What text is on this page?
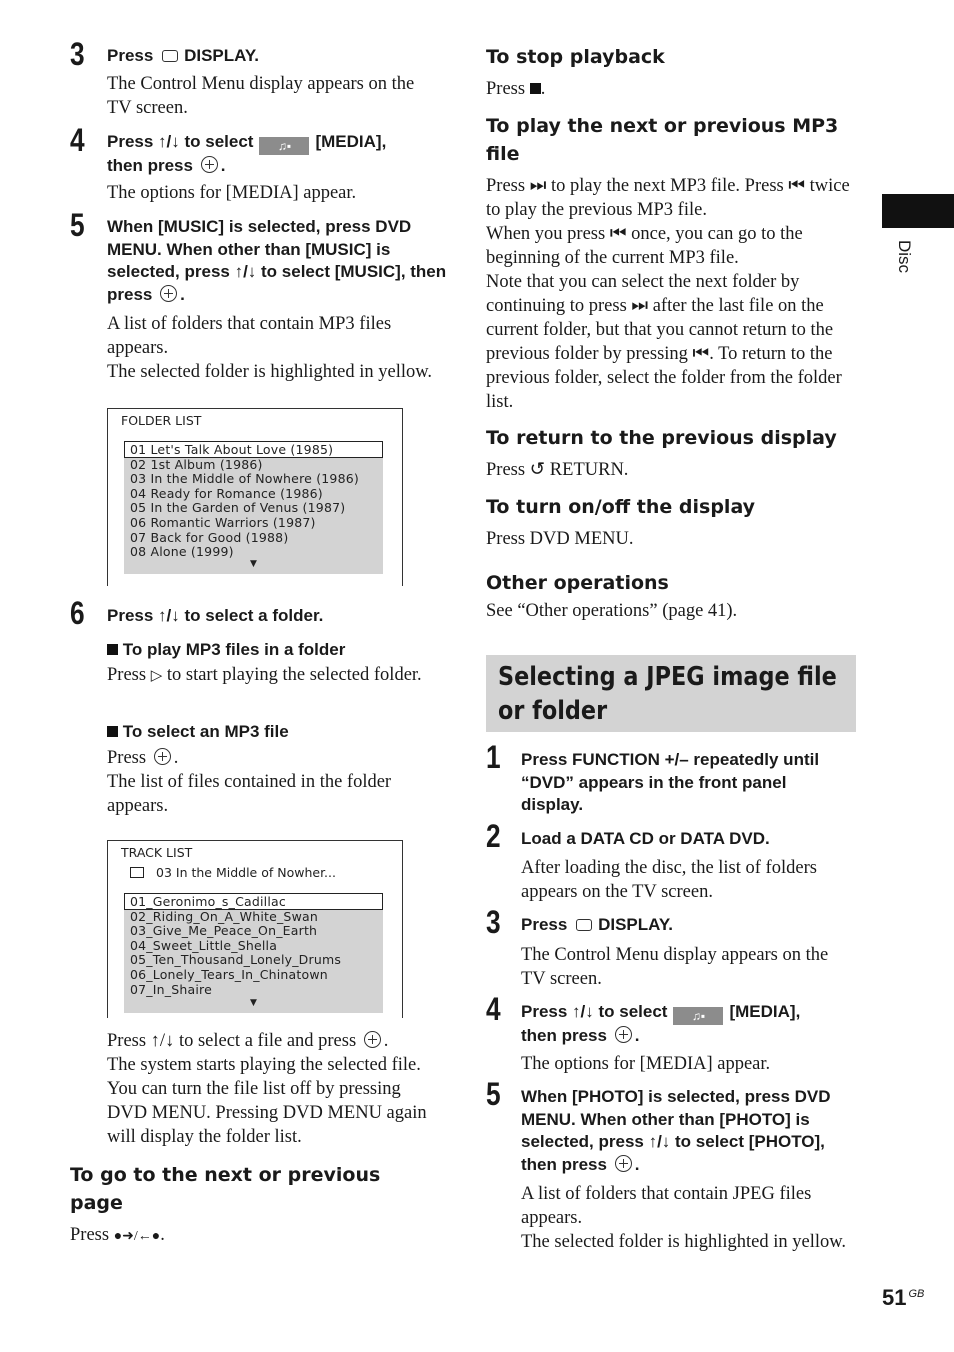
3 Press DISPLAY.
The Control Menu display appears on the TV screen.
4 Press ↑/↓ to select ♫▪ [MEDIA],
then press .
The options for [MEDIA] appear.
5 When [MUSIC] is selected, press DVD MENU. When other than [MUSIC] is selected, press ↑/↓ to select [MUSIC], then press .

A list of folders that contain MP3 files appears.

The selected folder is highlighted in yellow.

FOLDER LIST
01 Let's Talk About Love (1985)
02 1st Album (1986)
03 In the Middle of Nowhere (1986)
04 Ready for Romance (1986)
05 In the Garden of Venus (1987)
06 Romantic Warriors (1987)
07 Back for Good (1988)
08 Alone (1999)
▼
6 Press ↑/↓ to select a folder.
To play MP3 files in a folder
Press ▷ to start playing the selected folder.
To select an MP3 file

Press .

The list of files contained in the folder appears.

TRACK LIST
03 In the Middle of Nowher...
01_Geronimo_s_Cadillac
02_Riding_On_A_White_Swan
03_Give_Me_Peace_On_Earth
04_Sweet_Little_Shella
05_Ten_Thousand_Lonely_Drums
06_Lonely_Tears_In_Chinatown
07_In_Shaire
▼

Press ↑/↓ to select a file and press .

The system starts playing the selected file. You can turn the file list off by pressing DVD MENU. Pressing DVD MENU again will display the folder list.

To go to the next or previous page
Press ●➜/←●.
To stop playback
Press .
To play the next or previous MP3 file

Press ⏭ to play the next MP3 file. Press ⏮ twice to play the previous MP3 file.

When you press ⏮ once, you can go to the beginning of the current MP3 file.

Note that you can select the next folder by continuing to press ⏭ after the last file on the current folder, but that you cannot return to the previous folder by pressing ⏮. To return to the previous folder, select the folder from the folder list.

To return to the previous display
Press ↺ RETURN.
To turn on/off the display
Press DVD MENU.
Other operations
See “Other operations” (page 41).
Selecting a JPEG image file or folder
1 Press FUNCTION +/– repeatedly until “DVD” appears in the front panel display.
2 Load a DATA CD or DATA DVD.
After loading the disc, the list of folders appears on the TV screen.
3 Press DISPLAY.
The Control Menu display appears on the TV screen.
4 Press ↑/↓ to select ♫▪ [MEDIA],
then press .
The options for [MEDIA] appear.
5 When [PHOTO] is selected, press DVD MENU. When other than [PHOTO] is selected, press ↑/↓ to select [PHOTO], then press .

A list of folders that contain JPEG files appears.

The selected folder is highlighted in yellow.

Disc
51 $^{GB}$
